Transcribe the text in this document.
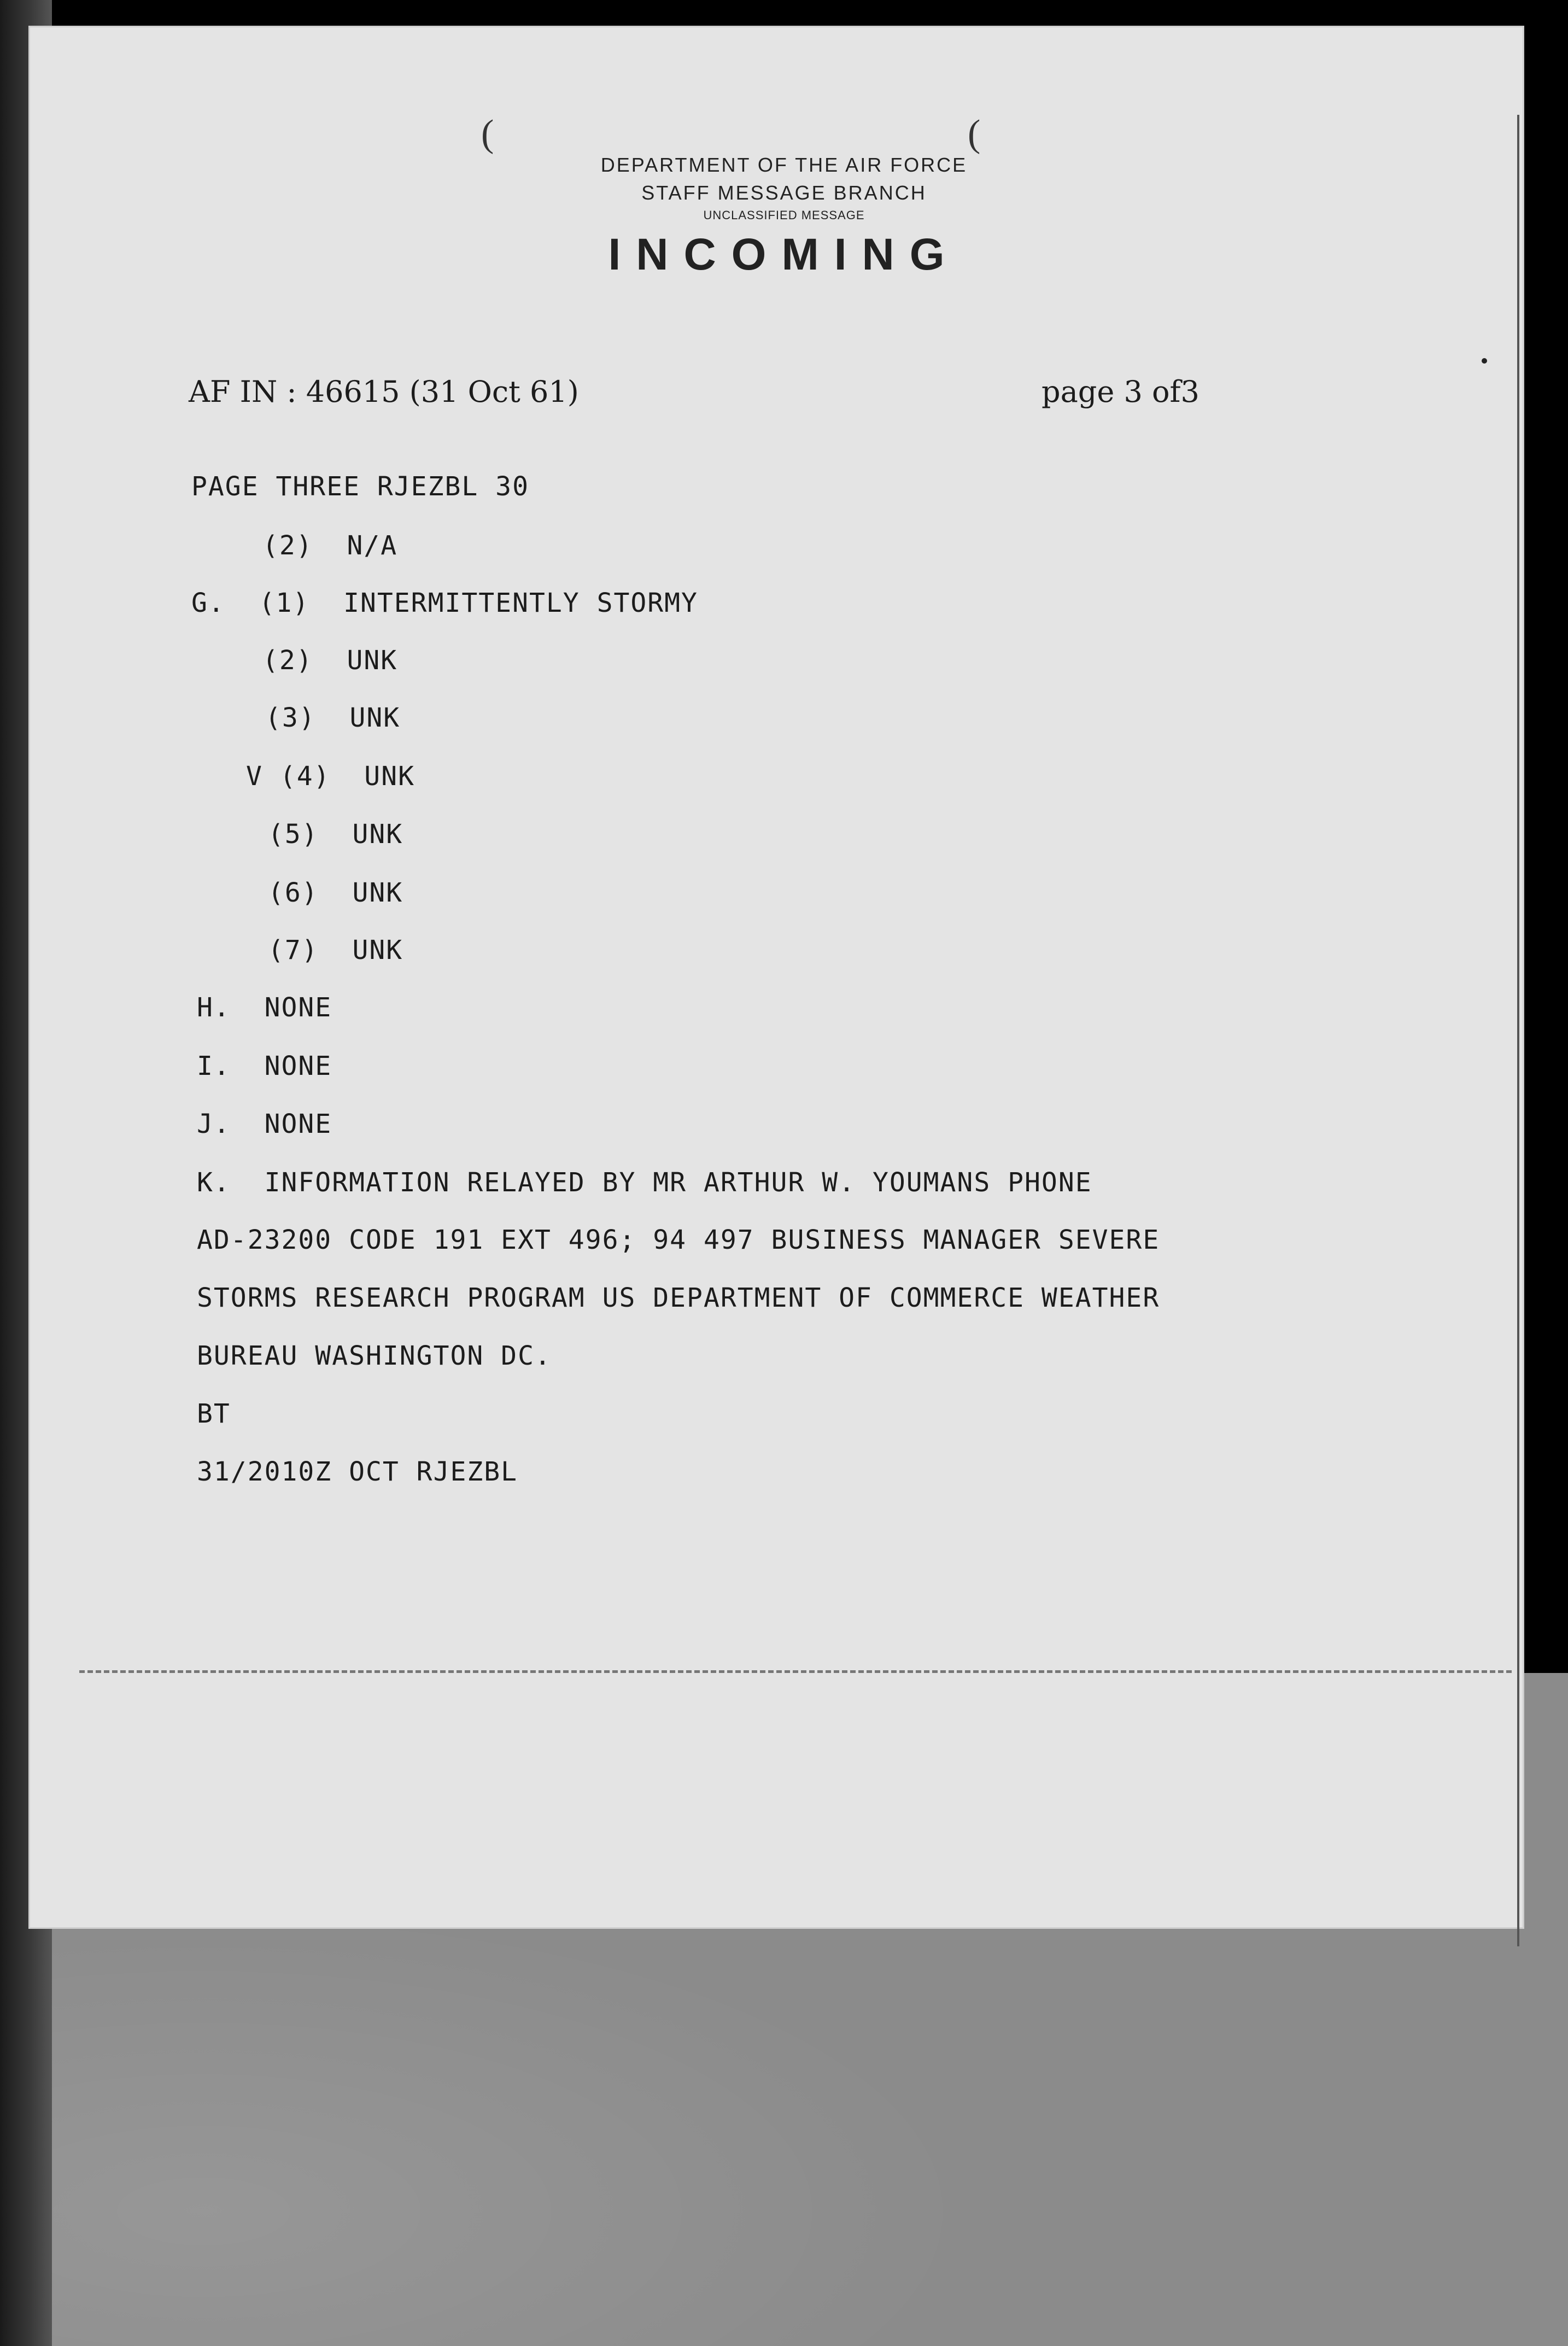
(	(
DEPARTMENT OF THE AIR FORCE
STAFF MESSAGE BRANCH
UNCLASSIFIED MESSAGE
INCOMING
AF IN : 46615 (31 Oct 61)	page 3 of3
PAGE THREE RJEZBL 30
(2)  N/A
G.  (1)  INTERMITTENTLY STORMY
(2)  UNK
(3)  UNK
V (4)  UNK
(5)  UNK
(6)  UNK
(7)  UNK
H.  NONE
I.  NONE
J.  NONE
K.  INFORMATION RELAYED BY MR ARTHUR W. YOUMANS PHONE
AD-23200 CODE 191 EXT 496; 94 497 BUSINESS MANAGER SEVERE
STORMS RESEARCH PROGRAM US DEPARTMENT OF COMMERCE WEATHER
BUREAU WASHINGTON DC.
BT
31/2010Z OCT RJEZBL
